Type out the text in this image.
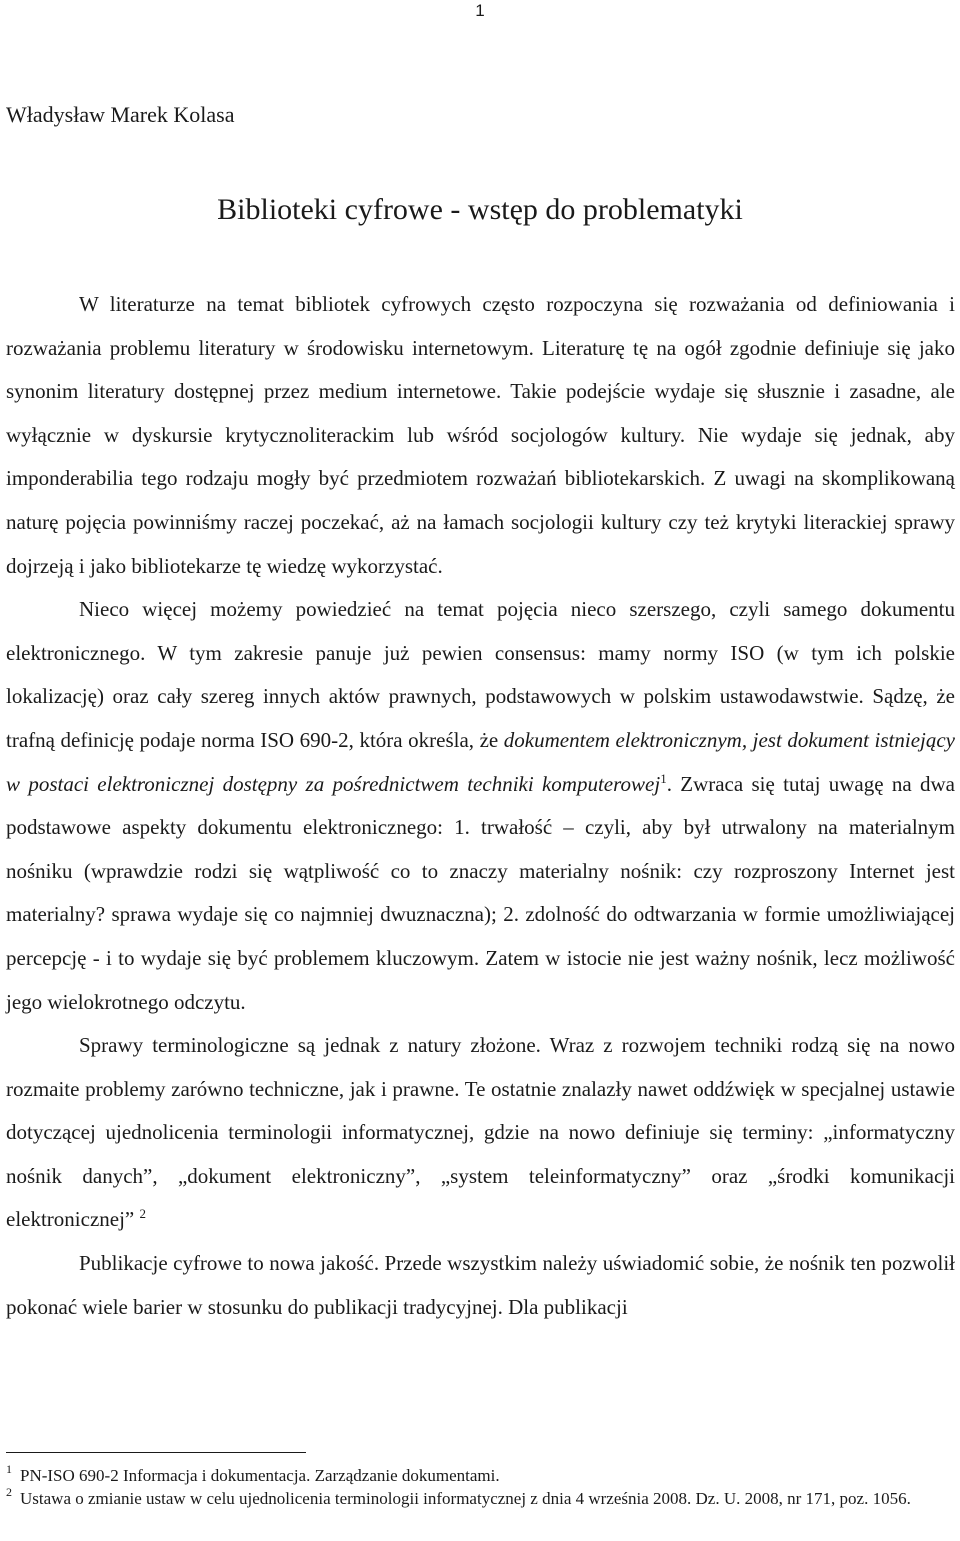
1
Władysław Marek Kolasa
Biblioteki cyfrowe - wstęp do problematyki

W literaturze na temat bibliotek cyfrowych często rozpoczyna się rozważania od definiowania i rozważania problemu literatury w środowisku internetowym. Literaturę tę na ogół zgodnie definiuje się jako synonim literatury dostępnej przez medium internetowe. Takie podejście wydaje się słusznie i zasadne, ale wyłącznie w dyskursie krytycznoliterackim lub wśród socjologów kultury. Nie wydaje się jednak, aby imponderabilia tego rodzaju mogły być przedmiotem rozważań bibliotekarskich. Z uwagi na skomplikowaną naturę pojęcia powinniśmy raczej poczekać, aż na łamach socjologii kultury czy też krytyki literackiej sprawy dojrzeją i jako bibliotekarze tę wiedzę wykorzystać.

Nieco więcej możemy powiedzieć na temat pojęcia nieco szerszego, czyli samego dokumentu elektronicznego. W tym zakresie panuje już pewien consensus: mamy normy ISO (w tym ich polskie lokalizację) oraz cały szereg innych aktów prawnych, podstawowych w polskim ustawodawstwie. Sądzę, że trafną definicję podaje norma ISO 690-2, która określa, że dokumentem elektronicznym, jest dokument istniejący w postaci elektronicznej dostępny za pośrednictwem techniki komputerowej$^1$. Zwraca się tutaj uwagę na dwa podstawowe aspekty dokumentu elektronicznego: 1. trwałość – czyli, aby był utrwalony na materialnym nośniku (wprawdzie rodzi się wątpliwość co to znaczy materialny nośnik: czy rozproszony Internet jest materialny? sprawa wydaje się co najmniej dwuznaczna); 2. zdolność do odtwarzania w formie umożliwiającej percepcję - i to wydaje się być problemem kluczowym. Zatem w istocie nie jest ważny nośnik, lecz możliwość jego wielokrotnego odczytu.

Sprawy terminologiczne są jednak z natury złożone. Wraz z rozwojem techniki rodzą się na nowo rozmaite problemy zarówno techniczne, jak i prawne. Te ostatnie znalazły nawet oddźwięk w specjalnej ustawie dotyczącej ujednolicenia terminologii informatycznej, gdzie na nowo definiuje się terminy: „informatyczny nośnik danych”, „dokument elektroniczny”, „system teleinformatyczny” oraz „środki komunikacji elektronicznej” $^2$

Publikacje cyfrowe to nowa jakość. Przede wszystkim należy uświadomić sobie, że nośnik ten pozwolił pokonać wiele barier w stosunku do publikacji tradycyjnej. Dla publikacji

1 PN-ISO 690-2 Informacja i dokumentacja. Zarządzanie dokumentami.
2 Ustawa o zmianie ustaw w celu ujednolicenia terminologii informatycznej z dnia 4 września 2008. Dz. U. 2008, nr 171, poz. 1056.
